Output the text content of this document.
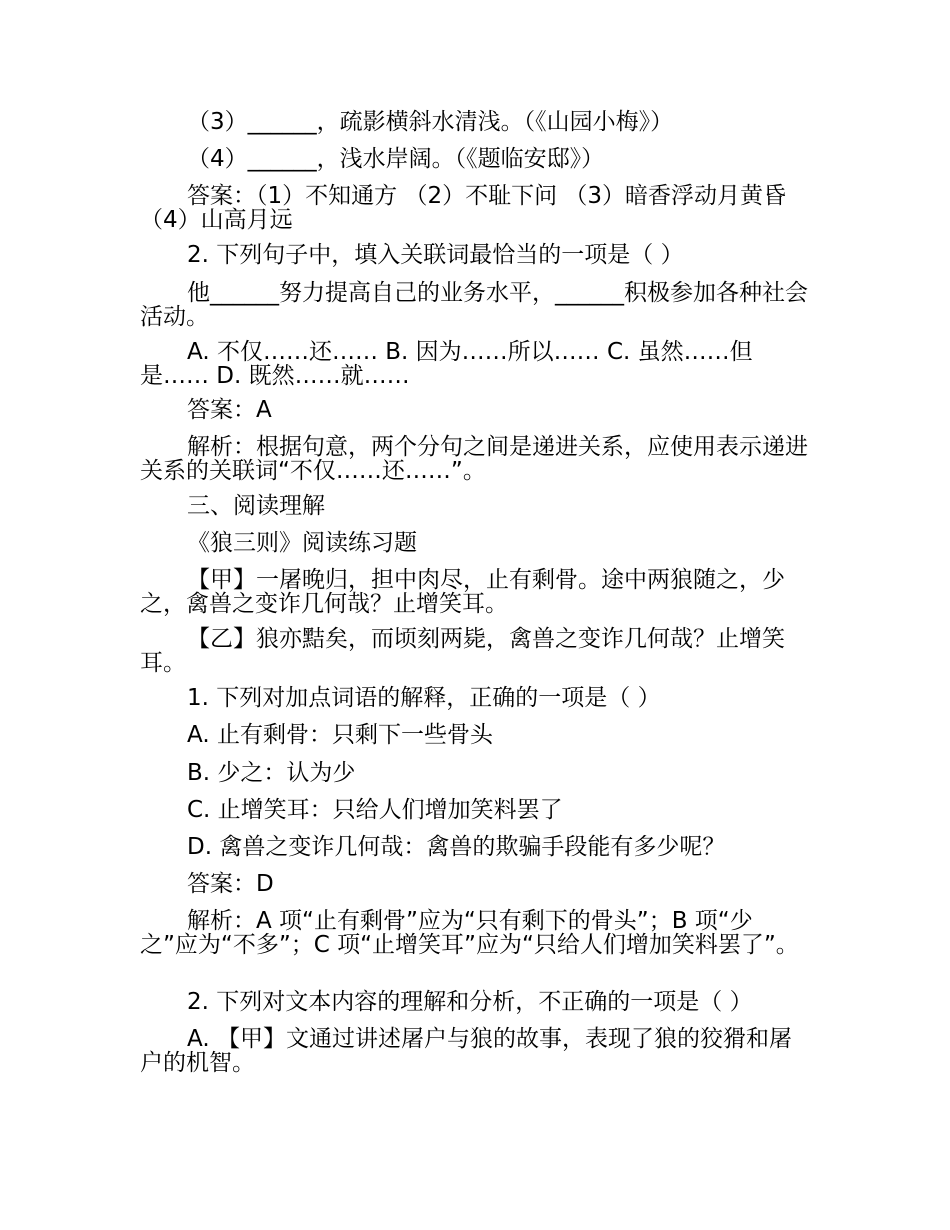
（3）______，疏影横斜水清浅。（《山园小梅》）

（4）______，浅水岸阔。（《题临安邸》）

答案：（1）不知通方 （2）不耻下问 （3）暗香浮动月黄昏 （4）山高月远

2. 下列句子中，填入关联词最恰当的一项是（ ）

他______努力提高自己的业务水平，______积极参加各种社会活动。

A. 不仅……还…… B. 因为……所以…… C. 虽然……但是…… D. 既然……就……

答案：A

解析：根据句意，两个分句之间是递进关系，应使用表示递进关系的关联词“不仅……还……”。

三、阅读理解

《狼三则》阅读练习题

【甲】一屠晚归，担中肉尽，止有剩骨。途中两狼随之，少之，禽兽之变诈几何哉？止增笑耳。

【乙】狼亦黠矣，而顷刻两毙，禽兽之变诈几何哉？止增笑耳。

1. 下列对加点词语的解释，正确的一项是（ ）

A. 止有剩骨：只剩下一些骨头

B. 少之：认为少

C. 止增笑耳：只给人们增加笑料罢了

D. 禽兽之变诈几何哉：禽兽的欺骗手段能有多少呢？

答案：D

解析：A 项“止有剩骨”应为“只有剩下的骨头”；B 项“少之”应为“不多”；C 项“止增笑耳”应为“只给人们增加笑料罢了”。

2. 下列对文本内容的理解和分析，不正确的一项是（ ）

A. 【甲】文通过讲述屠户与狼的故事，表现了狼的狡猾和屠户的机智。
